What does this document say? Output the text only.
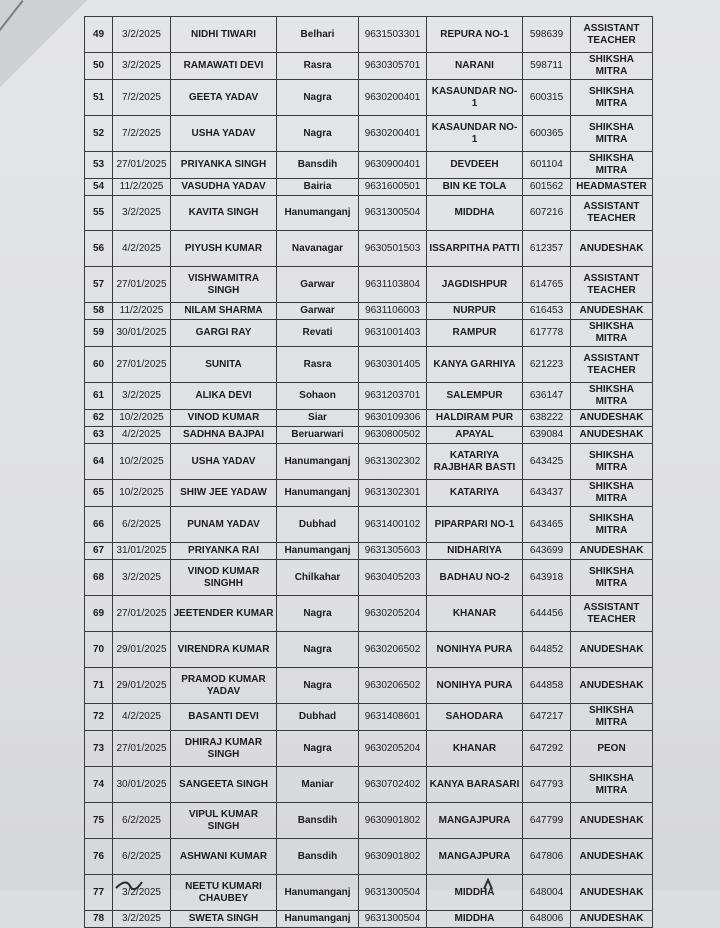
49	3/2/2025	NIDHI TIWARI	Belhari	9631503301	REPURA NO-1	598639	ASSISTANT TEACHER
50	3/2/2025	RAMAWATI DEVI	Rasra	9630305701	NARANI	598711	SHIKSHA MITRA
51	7/2/2025	GEETA YADAV	Nagra	9630200401	KASAUNDAR NO-1	600315	SHIKSHA MITRA
52	7/2/2025	USHA YADAV	Nagra	9630200401	KASAUNDAR NO-1	600365	SHIKSHA MITRA
53	27/01/2025	PRIYANKA SINGH	Bansdih	9630900401	DEVDEEH	601104	SHIKSHA MITRA
54	11/2/2025	VASUDHA YADAV	Bairia	9631600501	BIN KE TOLA	601562	HEADMASTER
55	3/2/2025	KAVITA SINGH	Hanumanganj	9631300504	MIDDHA	607216	ASSISTANT TEACHER
56	4/2/2025	PIYUSH KUMAR	Navanagar	9630501503	ISSARPITHA PATTI	612357	ANUDESHAK
57	27/01/2025	VISHWAMITRA SINGH	Garwar	9631103804	JAGDISHPUR	614765	ASSISTANT TEACHER
58	11/2/2025	NILAM SHARMA	Garwar	9631106003	NURPUR	616453	ANUDESHAK
59	30/01/2025	GARGI RAY	Revati	9631001403	RAMPUR	617778	SHIKSHA MITRA
60	27/01/2025	SUNITA	Rasra	9630301405	KANYA GARHIYA	621223	ASSISTANT TEACHER
61	3/2/2025	ALIKA DEVI	Sohaon	9631203701	SALEMPUR	636147	SHIKSHA MITRA
62	10/2/2025	VINOD KUMAR	Siar	9630109306	HALDIRAM PUR	638222	ANUDESHAK
63	4/2/2025	SADHNA BAJPAI	Beruarwari	9630800502	APAYAL	639084	ANUDESHAK
64	10/2/2025	USHA YADAV	Hanumanganj	9631302302	KATARIYA RAJBHAR BASTI	643425	SHIKSHA MITRA
65	10/2/2025	SHIW JEE YADAW	Hanumanganj	9631302301	KATARIYA	643437	SHIKSHA MITRA
66	6/2/2025	PUNAM YADAV	Dubhad	9631400102	PIPARPARI NO-1	643465	SHIKSHA MITRA
67	31/01/2025	PRIYANKA RAI	Hanumanganj	9631305603	NIDHARIYA	643699	ANUDESHAK
68	3/2/2025	VINOD KUMAR SINGHH	Chilkahar	9630405203	BADHAU NO-2	643918	SHIKSHA MITRA
69	27/01/2025	JEETENDER KUMAR	Nagra	9630205204	KHANAR	644456	ASSISTANT TEACHER
70	29/01/2025	VIRENDRA KUMAR	Nagra	9630206502	NONIHYA PURA	644852	ANUDESHAK
71	29/01/2025	PRAMOD KUMAR YADAV	Nagra	9630206502	NONIHYA PURA	644858	ANUDESHAK
72	4/2/2025	BASANTI DEVI	Dubhad	9631408601	SAHODARA	647217	SHIKSHA MITRA
73	27/01/2025	DHIRAJ KUMAR SINGH	Nagra	9630205204	KHANAR	647292	PEON
74	30/01/2025	SANGEETA SINGH	Maniar	9630702402	KANYA BARASARI	647793	SHIKSHA MITRA
75	6/2/2025	VIPUL KUMAR SINGH	Bansdih	9630901802	MANGAJPURA	647799	ANUDESHAK
76	6/2/2025	ASHWANI KUMAR	Bansdih	9630901802	MANGAJPURA	647806	ANUDESHAK
77	3/2/2025	NEETU KUMARI CHAUBEY	Hanumanganj	9631300504	MIDDHA	648004	ANUDESHAK
78	3/2/2025	SWETA SINGH	Hanumanganj	9631300504	MIDDHA	648006	ANUDESHAK
